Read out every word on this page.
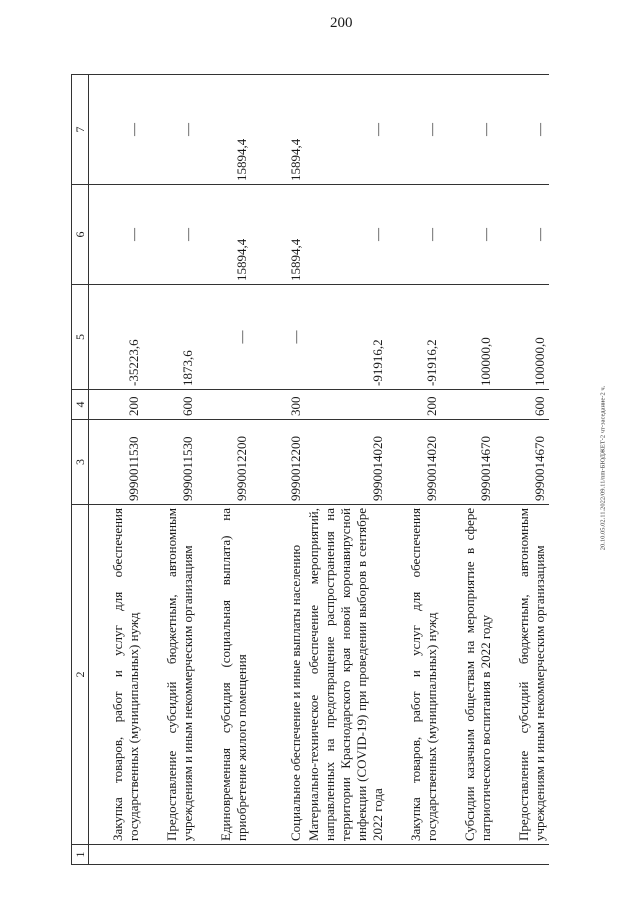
200
20.10.05.02.11.2022/09.11/nm-БЮДЖЕТ-2 чт-заседание-2 ч.
1	2	3	4	5	6	7
	Закупка товаров, работ и услуг для обеспечения государственных (муниципальных) нужд	9990011530	200	-35223,6	—	—
	Предоставление субсидий бюджетным, автономным учреждениям и иным некоммерческим организациям	9990011530	600	1873,6	—	—
	Единовременная субсидия (социальная выплата) на приобретение жилого помещения	9990012200		—	15894,4	15894,4
	Социальное обеспечение и иные выплаты населению	9990012200	300	—	15894,4	15894,4
	Материально-техническое обеспечение мероприятий, направленных на предотвращение распространения на территории Краснодарского края новой коронавирусной инфекции (COVID-19) при проведении выборов в сентябре 2022 года	9990014020		-91916,2	—	—
	Закупка товаров, работ и услуг для обеспечения государственных (муниципальных) нужд	9990014020	200	-91916,2	—	—
	Субсидии казачьим обществам на мероприятие в сфере патриотического воспитания в 2022 году	9990014670		100000,0	—	—
	Предоставление субсидий бюджетным, автономным учреждениям и иным некоммерческим организациям	9990014670	600	100000,0	—	—
